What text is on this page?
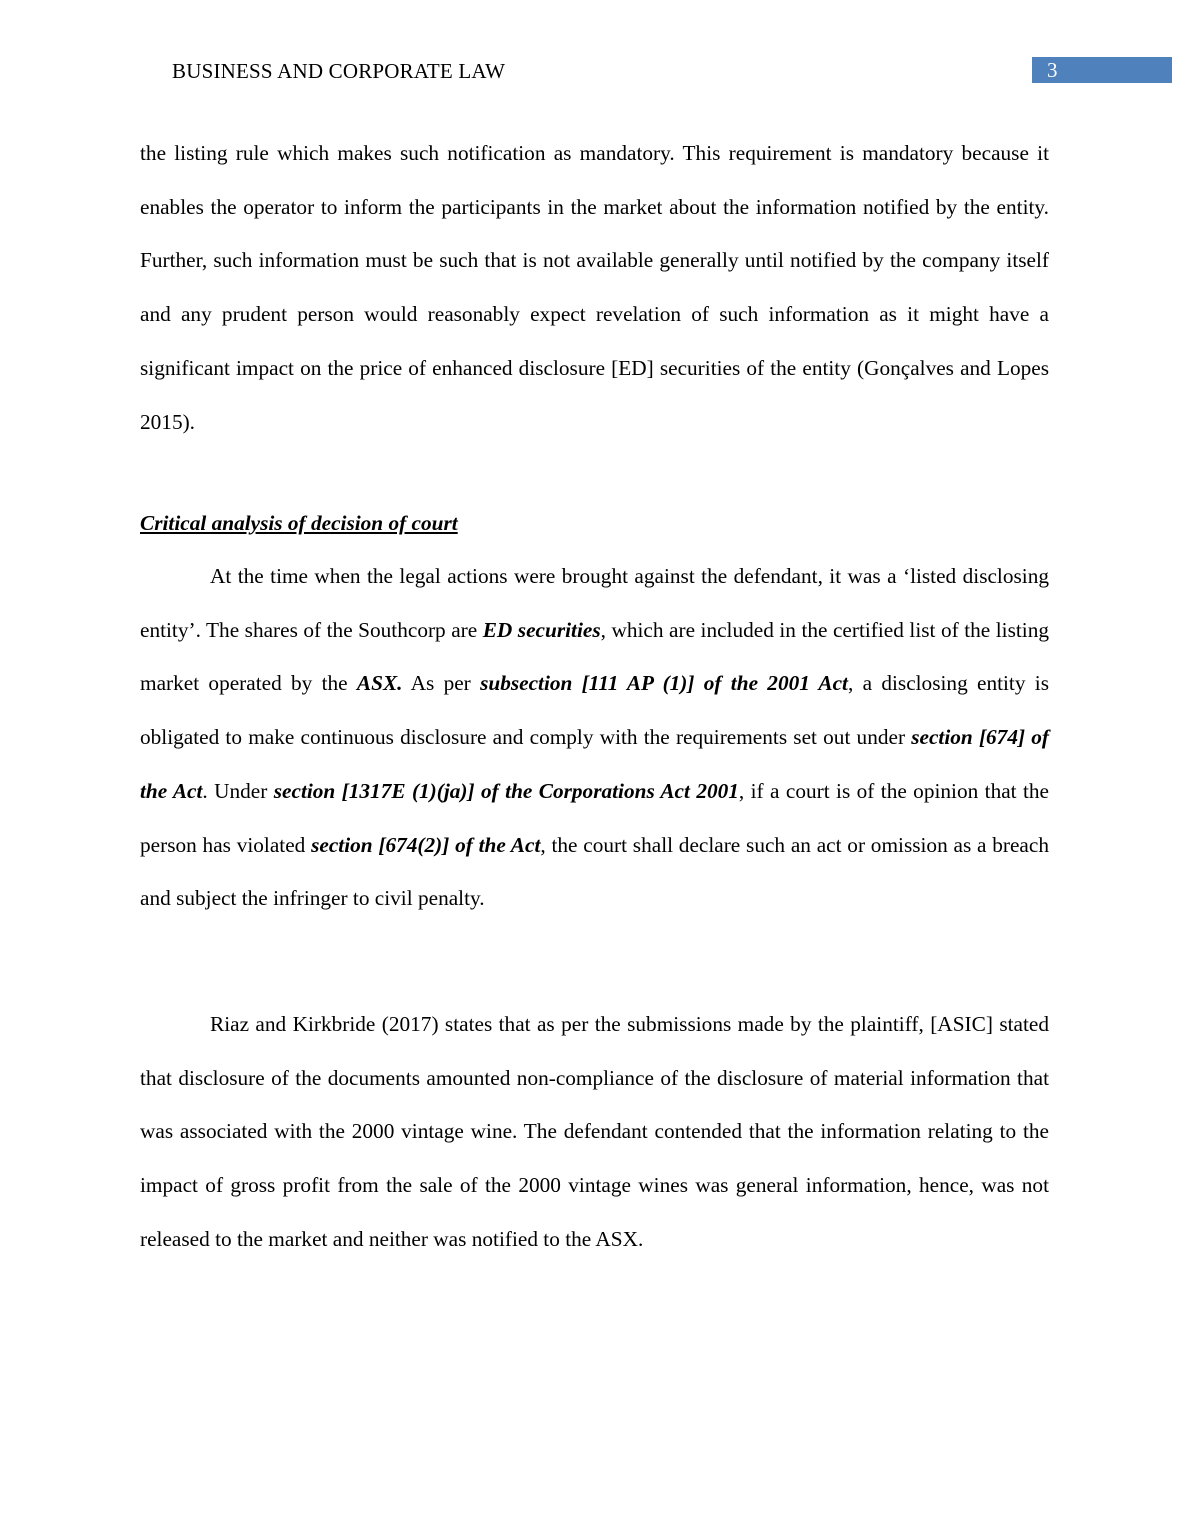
BUSINESS AND CORPORATE LAW	3

the listing rule which makes such notification as mandatory. This requirement is mandatory because it enables the operator to inform the participants in the market about the information notified by the entity. Further, such information must be such that is not available generally until notified by the company itself and any prudent person would reasonably expect revelation of such information as it might have a significant impact on the price of enhanced disclosure [ED] securities of the entity (Gonçalves and Lopes 2015).

Critical analysis of decision of court

At the time when the legal actions were brought against the defendant, it was a ‘listed disclosing entity’. The shares of the Southcorp are ED securities, which are included in the certified list of the listing market operated by the ASX. As per subsection [111 AP (1)] of the 2001 Act, a disclosing entity is obligated to make continuous disclosure and comply with the requirements set out under section [674] of the Act. Under section [1317E (1)(ja)] of the Corporations Act 2001, if a court is of the opinion that the person has violated section [674(2)] of the Act, the court shall declare such an act or omission as a breach and subject the infringer to civil penalty.

Riaz and Kirkbride (2017) states that as per the submissions made by the plaintiff, [ASIC] stated that disclosure of the documents amounted non-compliance of the disclosure of material information that was associated with the 2000 vintage wine. The defendant contended that the information relating to the impact of gross profit from the sale of the 2000 vintage wines was general information, hence, was not released to the market and neither was notified to the ASX.
